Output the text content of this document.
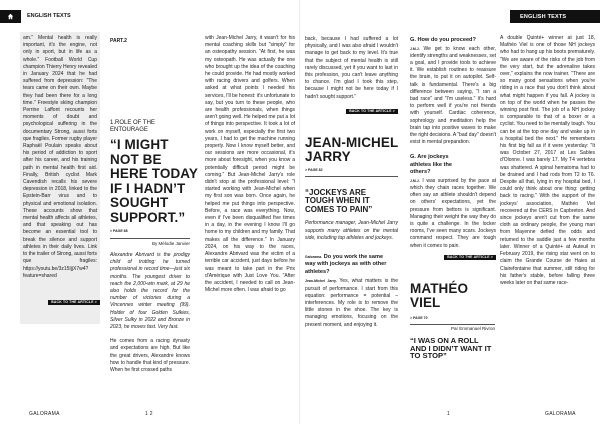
ENGLISH TEXTS
am." Mental health is really important, it's the engine, not only in sport, but in life as a whole." Football World Cup champion Thierry Henry revealed in January 2024 that he had suffered from depression: "The tears came on their own. Maybe they had been there for a long time." Freestyle skiing champion Perrine Laffont recounts her moments of doubt and psychological suffering in the documentary Strong, aussi forts que fragiles. Former rugby player Raphaël Poulain speaks about his period of addiction to sport after his career, and his training path in mental health first aid. Finally, British cyclist Mark Cavendish recalls his severe depression in 2018, linked to the Epstein-Barr virus and to physical and emotional isolation. These accounts show that mental health affects all athletes, and that speaking out has become an essential tool to break the silence and support athletes in their daily lives. Link to the trailer of Strong, aussi forts que fragiles: https://youtu.be/3z15IjjX7w4?feature=shared
BACK TO THE ARTICLE >
PART.2
1.ROLE OF THE ENTOURAGE
“I MIGHT NOT BE HERE TODAY IF I HADN’T SOUGHT SUPPORT.”
> PAGE 88
By Mélodie Janvier
Alexandre Abrivard is the prodigy child of trotting: he turned professional in record time—just six months. The youngest driver to reach the 2,000-win mark, at 29 he also holds the record for the number of victories during a Vincennes winter meeting (99). Holder of four Golden Sulkies, Silver Sulky in 2022 and Bronze in 2023, he moves fast. Very fast.
He comes from a racing dynasty and expectations are high. But like the great drivers, Alexandre knows how to handle that kind of pressure. When he first crossed paths
with Jean-Michel Jarry, it wasn't for his mental coaching skills but "simply" for an osteopathy session. "At first, he was my osteopath. He was actually the one who brought up the idea of the coaching he could provide. He had mostly worked with racing drivers and golfers. When asked at what points I needed his services, I'll be honest: it's unfortunate to say, but you turn to these people, who are health professionals, when things aren't going well. He helped me put a lot of things into perspective. It took a lot of work on myself, especially the first two years, I had to get the machine running properly. Now I know myself better, and our sessions are more occasional, it's more about foresight, when you know a potentially difficult period might be coming." But Jean-Michel Jarry's role didn't stop at the professional level: "I started working with Jean-Michel when my first son was born. Once again, he helped me put things into perspective. Before, a race was everything. Now, even if I've been disqualified five times in a day, in the evening I know I'll go home to my children and my family. That makes all the difference." In January 2024, on his way to the races, Alexandre Abrivard was the victim of a terrible car accident, just days before he was meant to take part in the Prix d'Amérique with Just Love You. "After the accident, I needed to call on Jean-Michel more often. I was afraid to go
GALORAMA	1 2
back, because I had suffered a lot physically, and I was also afraid I wouldn't manage to get back to my level. It's true that the subject of mental health is still rarely discussed, yet if you want to last in this profession, you can't leave anything to chance. I'm glad I took this step, because I might not be here today if I hadn't sought support."
BACK TO THE ARTICLE >
JEAN-MICHEL JARRY
> PAGE 82
“JOCKEYS ARE TOUGH WHEN IT COMES TO PAIN”
Performance manager, Jean-Michel Jarry supports many athletes on the mental side, including top athletes and jockeys.
Galorama. Do you work the same way with jockeys as with other athletes?
Jean-Michel Jarry. Yes, what matters is the pursuit of performance. I start from this equation: performance = potential – interferences. My role is to remove the little stones in the shoe. The key is managing emotions, focusing on the present moment, and enjoying it.
G. How do you proceed?
J.M.J. We get to know each other, identify strengths and weaknesses, set a goal, and I provide tools to achieve it. We establish routines to reassure the brain, to put it on autopilot. Self-talk is fundamental. There's a big difference between saying, "I ran a bad race" and "I'm useless." It's hard to perform well if you're not friends with yourself. Cardiac coherence, sophrology and meditation help the brain tap into positive waves to make the right decisions. A "bad day" doesn't exist in mental preparation.
G. Are jockeys athletes like the others?
J.M.J. I was surprised by the pace at which they chain races together. We often say an athlete shouldn't depend on others' expectations, yet the pressure from bettors is significant. Managing their weight the way they do is quite a challenge. In the locker rooms, I've seen many scars. Jockeys command respect. They are tough when it comes to pain.
BACK TO THE ARTICLE >
MATHÉO VIEL
> PAGE 70
Par Emmanuel Rivron
“I WAS ON A ROLL AND I DIDN’T WANT IT TO STOP”
ENGLISH TEXTS
A double Quinté+ winner at just 18, Mathéo Viel is one of those NH jockeys who had to hang up his boots prematurely. "We are aware of the risks of the job from the very start, but the adrenaline takes over," explains the now trainer. "There are so many good sensations when you're riding in a race that you don't think about what might happen if you fall. A jockey is on top of the world when he passes the winning post first. The job of a NH jockey is comparable to that of a boxer or a cyclist. You need to be mentally tough. You can be at the top one day and wake up in a hospital bed the next." He remembers his first big fall as if it were yesterday: "It was October 27, 2017 at Les Sables d'Olonne. I was barely 17. My T4 vertebra was shattered. A spinal hematoma had to be drained and I had rods from T2 to T6. Despite all that, lying in my hospital bed, I could only think about one thing: getting back to racing." With the support of the jockeys' association, Mathéo Viel recovered at the CERS in Capbreton. And since jockeys aren't cut from the same cloth as ordinary people, the young man from Mayenne defied the odds and returned to the saddle just a few months later. Winner of a Quinté+ at Auteuil in February 2019, the rising star went on to claim the Grande Course de Haies at Clairefontaine that summer, still riding for his father's stable, before falling three weeks later on that same race-
1	GALORAMA
